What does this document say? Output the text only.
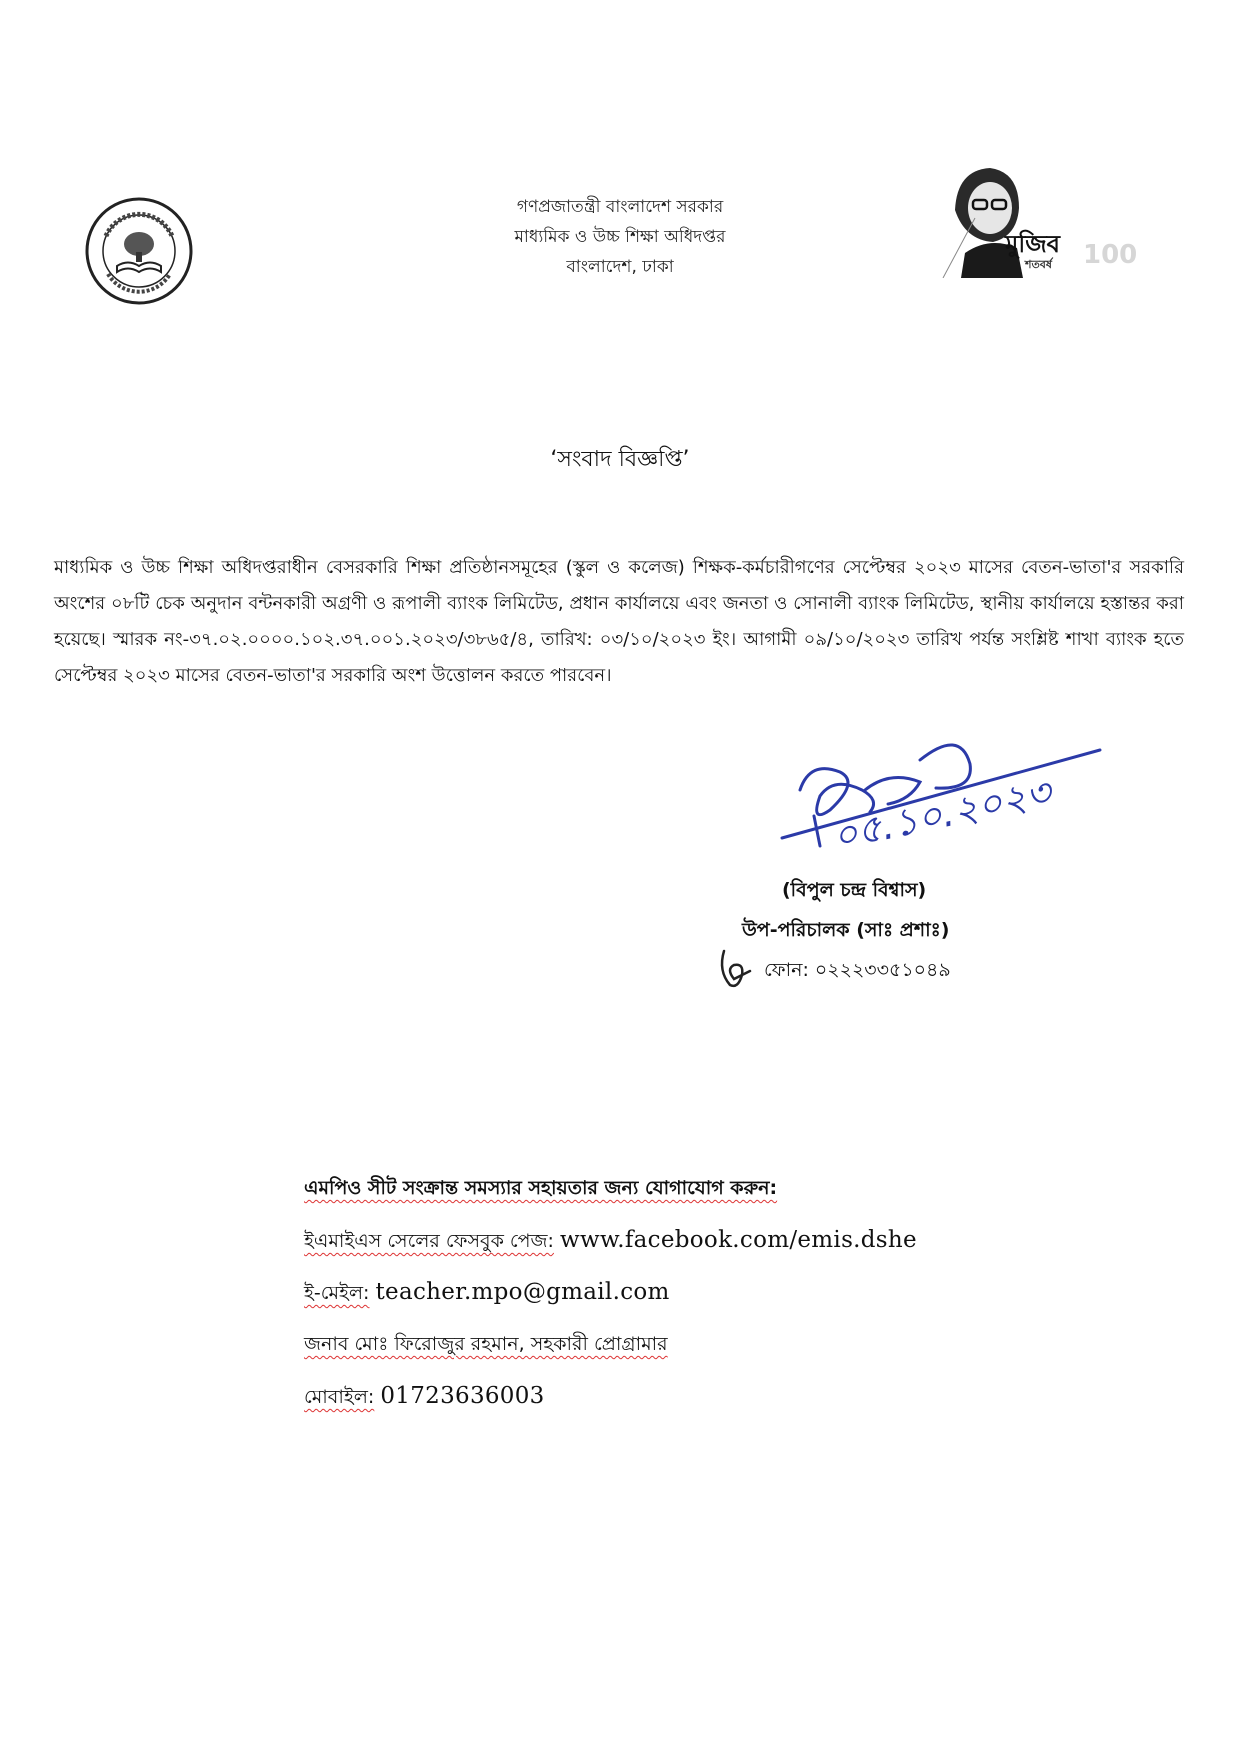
গণপ্রজাতন্ত্রী বাংলাদেশ সরকার
মাধ্যমিক ও উচ্চ শিক্ষা অধিদপ্তর
বাংলাদেশ, ঢাকা
মুজিব
শতবর্ষ 100
‘সংবাদ বিজ্ঞপ্তি’
মাধ্যমিক ও উচ্চ শিক্ষা অধিদপ্তরাধীন বেসরকারি শিক্ষা প্রতিষ্ঠানসমূহের (স্কুল ও কলেজ) শিক্ষক-কর্মচারীগণের সেপ্টেম্বর ২০২৩ মাসের বেতন-ভাতা'র সরকারি অংশের ০৮টি চেক অনুদান বন্টনকারী অগ্রণী ও রূপালী ব্যাংক লিমিটেড, প্রধান কার্যালয়ে এবং জনতা ও সোনালী ব্যাংক লিমিটেড, স্থানীয় কার্যালয়ে হস্তান্তর করা হয়েছে। স্মারক নং-৩৭.০২.০০০০.১০২.৩৭.০০১.২০২৩/৩৮৬৫/৪, তারিখ: ০৩/১০/২০২৩ ইং। আগামী ০৯/১০/২০২৩ তারিখ পর্যন্ত সংশ্লিষ্ট শাখা ব্যাংক হতে সেপ্টেম্বর ২০২৩ মাসের বেতন-ভাতা'র সরকারি অংশ উত্তোলন করতে পারবেন।
০৫.১০.২০২৩
(বিপুল চন্দ্র বিশ্বাস)
উপ-পরিচালক (সাঃ প্রশাঃ)
ফোন: ০২২২৩৩৫১০৪৯
এমপিও সীট সংক্রান্ত সমস্যার সহায়তার জন্য যোগাযোগ করুন:
ইএমাইএস সেলের ফেসবুক পেজ: www.facebook.com/emis.dshe
ই-মেইল: teacher.mpo@gmail.com
জনাব মোঃ ফিরোজুর রহমান, সহকারী প্রোগ্রামার
মোবাইল: 01723636003
